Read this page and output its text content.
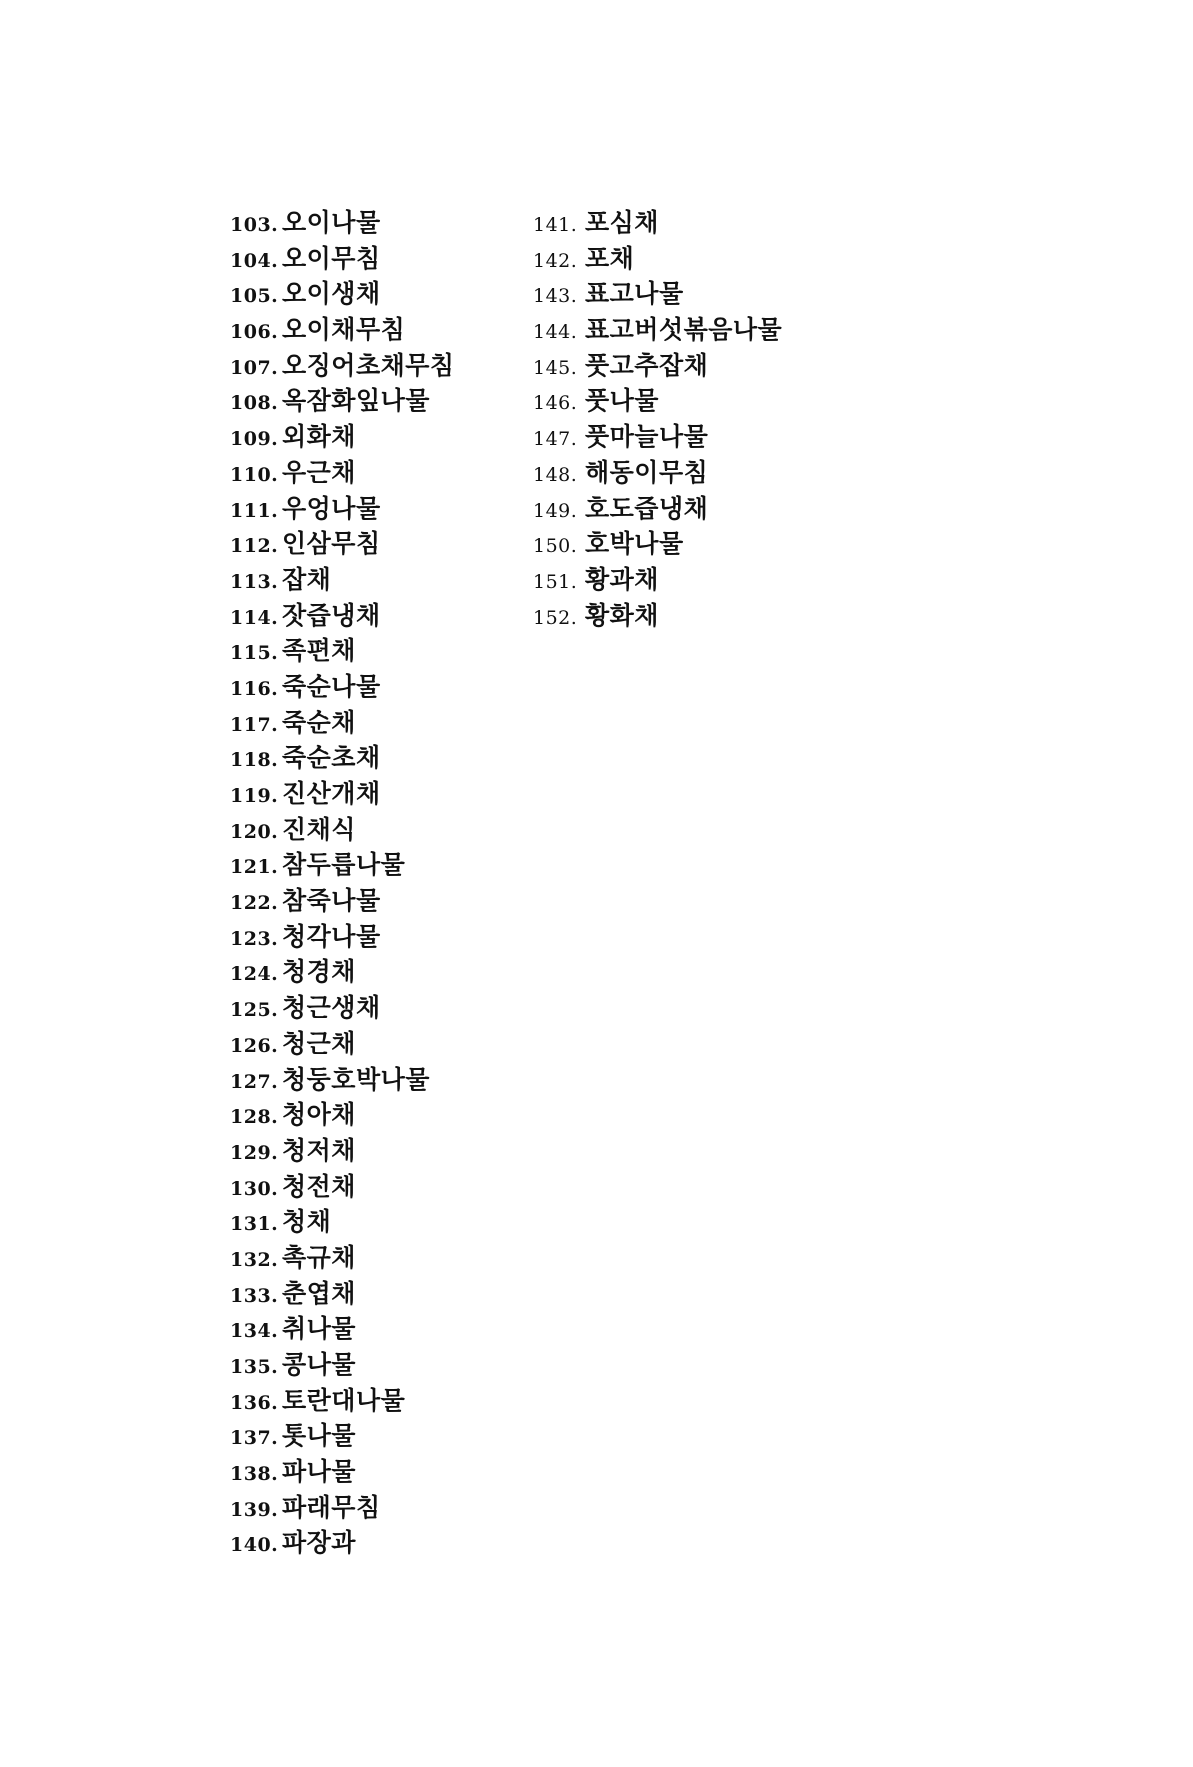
103. 오이나물
104. 오이무침
105. 오이생채
106. 오이채무침
107. 오징어초채무침
108. 옥잠화잎나물
109. 외화채
110. 우근채
111. 우엉나물
112. 인삼무침
113. 잡채
114. 잣즙냉채
115. 족편채
116. 죽순나물
117. 죽순채
118. 죽순초채
119. 진산개채
120. 진채식
121. 참두릅나물
122. 참죽나물
123. 청각나물
124. 청경채
125. 청근생채
126. 청근채
127. 청둥호박나물
128. 청아채
129. 청저채
130. 청전채
131. 청채
132. 촉규채
133. 춘엽채
134. 취나물
135. 콩나물
136. 토란대나물
137. 톳나물
138. 파나물
139. 파래무침
140. 파장과
141. 포심채
142. 포채
143. 표고나물
144. 표고버섯볶음나물
145. 풋고추잡채
146. 풋나물
147. 풋마늘나물
148. 해동이무침
149. 호도즙냉채
150. 호박나물
151. 황과채
152. 황화채
